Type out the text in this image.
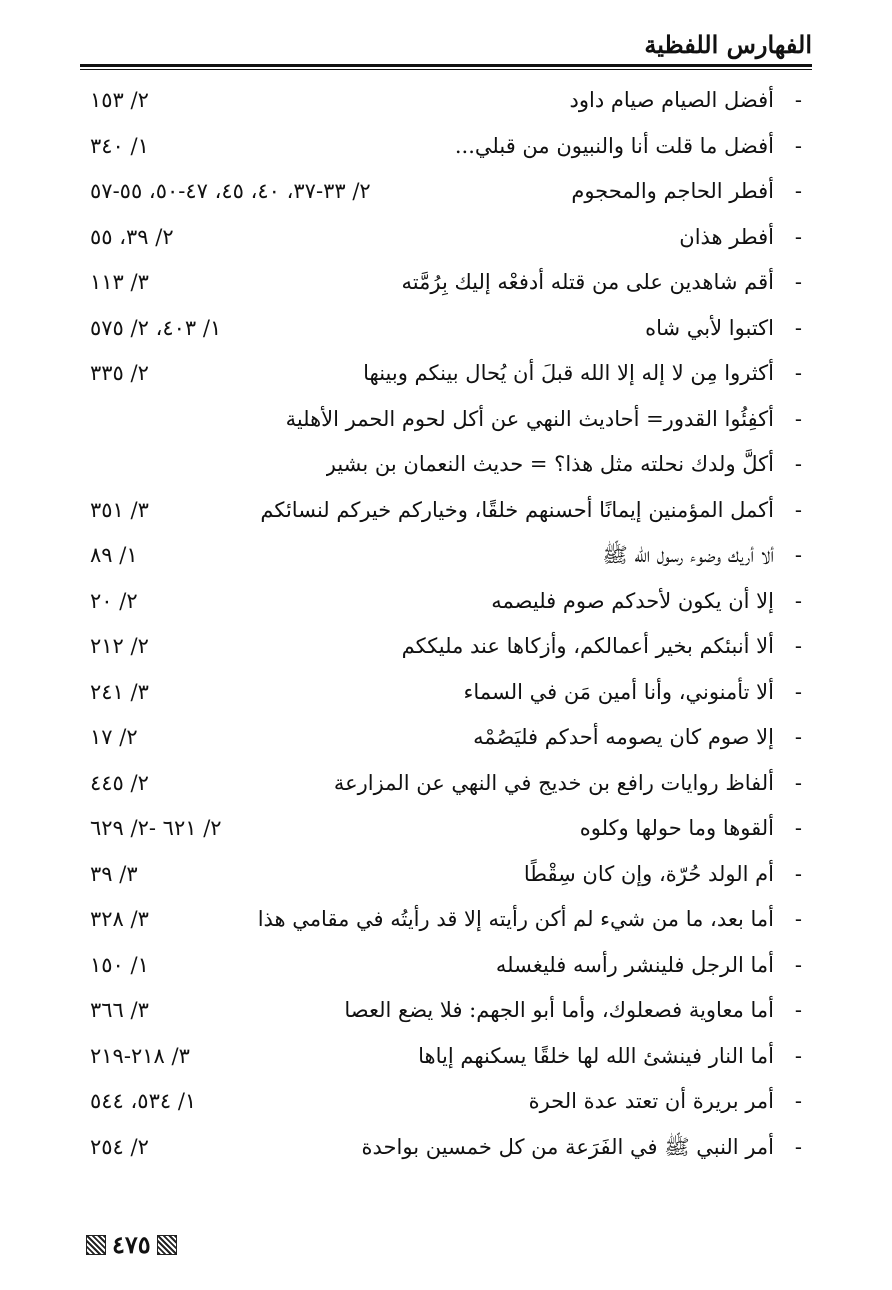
الفهارس اللفظية
-
أفضل الصيام صيام داود
٢/ ١٥٣
-
أفضل ما قلت أنا والنبيون من قبلي...
١/ ٣٤٠
-
أفطر الحاجم والمحجوم
٢/ ٣٣-٣٧، ٤٠، ٤٥، ٤٧-٥٠، ٥٥-٥٧
-
أفطر هذان
٢/ ٣٩، ٥٥
-
أقم شاهدين على من قتله أدفعْه إليك بِرُمَّته
٣/ ١١٣
-
اكتبوا لأبي شاه
١/ ٤٠٣، ٢/ ٥٧٥
-
أكثروا مِن لا إله إلا الله قبلَ أن يُحال بينكم وبينها
٢/ ٣٣٥
-
أكفِئُوا القدور= أحاديث النهي عن أكل لحوم الحمر الأهلية
-
أكلَّ ولدك نحلته مثل هذا؟ = حديث النعمان بن بشير
-
أكمل المؤمنين إيمانًا أحسنهم خلقًا، وخياركم خيركم لنسائكم
٣/ ٣٥١
-
ألا أريك وضوء رسول الله ﷺ
١/ ٨٩
-
إلا أن يكون لأحدكم صوم فليصمه
٢/ ٢٠
-
ألا أنبئكم بخير أعمالكم، وأزكاها عند مليككم
٢/ ٢١٢
-
ألا تأمنوني، وأنا أمين مَن في السماء
٣/ ٢٤١
-
إلا صوم كان يصومه أحدكم فليَصُمْه
٢/ ١٧
-
ألفاظ روايات رافع بن خديج في النهي عن المزارعة
٢/ ٤٤٥
-
ألقوها وما حولها وكلوه
٢/ ٦٢١ -٢/ ٦٢٩
-
أم الولد حُرّة، وإن كان سِقْطًا
٣/ ٣٩
-
أما بعد، ما من شيء لم أكن رأيته إلا قد رأيتُه في مقامي هذا
٣/ ٣٢٨
-
أما الرجل فلينشر رأسه فليغسله
١/ ١٥٠
-
أما معاوية فصعلوك، وأما أبو الجهم: فلا يضع العصا
٣/ ٣٦٦
-
أما النار فينشئ الله لها خلقًا يسكنهم إياها
٣/ ٢١٨-٢١٩
-
أمر بريرة أن تعتد عدة الحرة
١/ ٥٣٤، ٥٤٤
-
أمر النبي ﷺ في الفَرَعة من كل خمسين بواحدة
٢/ ٢٥٤
٤٧٥
